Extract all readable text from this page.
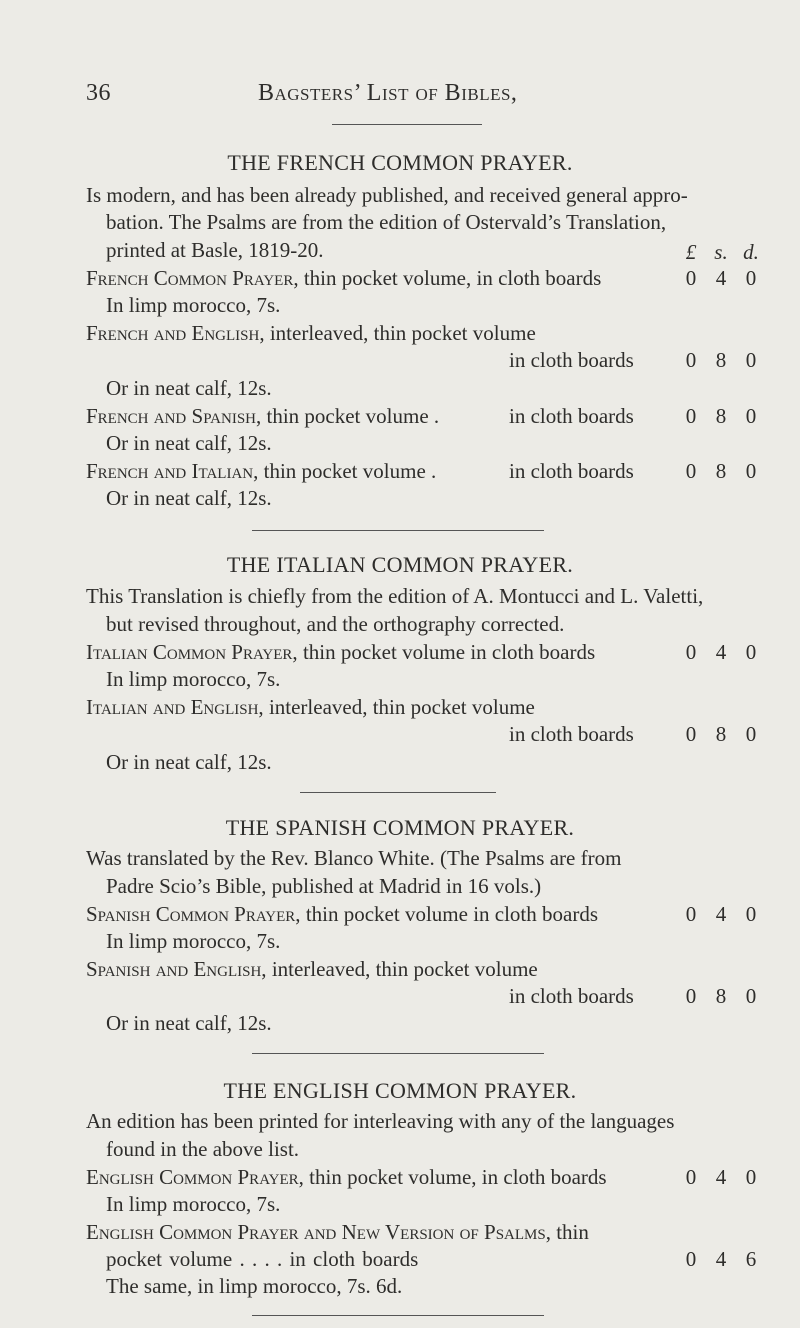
36	Bagsters’ List of Bibles,
THE FRENCH COMMON PRAYER.
Is modern, and has been already published, and received general appro-
bation. The Psalms are from the edition of Ostervald’s Translation,
printed at Basle, 1819-20.	£ s. d.
French Common Prayer, thin pocket volume, in cloth boards	0 4 0
In limp morocco, 7s.
French and English, interleaved, thin pocket volume
in cloth boards	0 8 0
Or in neat calf, 12s.
French and Spanish, thin pocket volume .	in cloth boards	0 8 0
Or in neat calf, 12s.
French and Italian, thin pocket volume .	in cloth boards	0 8 0
Or in neat calf, 12s.
THE ITALIAN COMMON PRAYER.
This Translation is chiefly from the edition of A. Montucci and L. Valetti,
but revised throughout, and the orthography corrected.
Italian Common Prayer, thin pocket volume in cloth boards	0 4 0
In limp morocco, 7s.
Italian and English, interleaved, thin pocket volume
in cloth boards	0 8 0
Or in neat calf, 12s.
THE SPANISH COMMON PRAYER.
Was translated by the Rev. Blanco White. (The Psalms are from
Padre Scio’s Bible, published at Madrid in 16 vols.)
Spanish Common Prayer, thin pocket volume in cloth boards	0 4 0
In limp morocco, 7s.
Spanish and English, interleaved, thin pocket volume
in cloth boards	0 8 0
Or in neat calf, 12s.
THE ENGLISH COMMON PRAYER.
An edition has been printed for interleaving with any of the languages
found in the above list.
English Common Prayer, thin pocket volume, in cloth boards	0 4 0
In limp morocco, 7s.
English Common Prayer and New Version of Psalms, thin
pocket volume . . . . in cloth boards	0 4 6
The same, in limp morocco, 7s. 6d.
